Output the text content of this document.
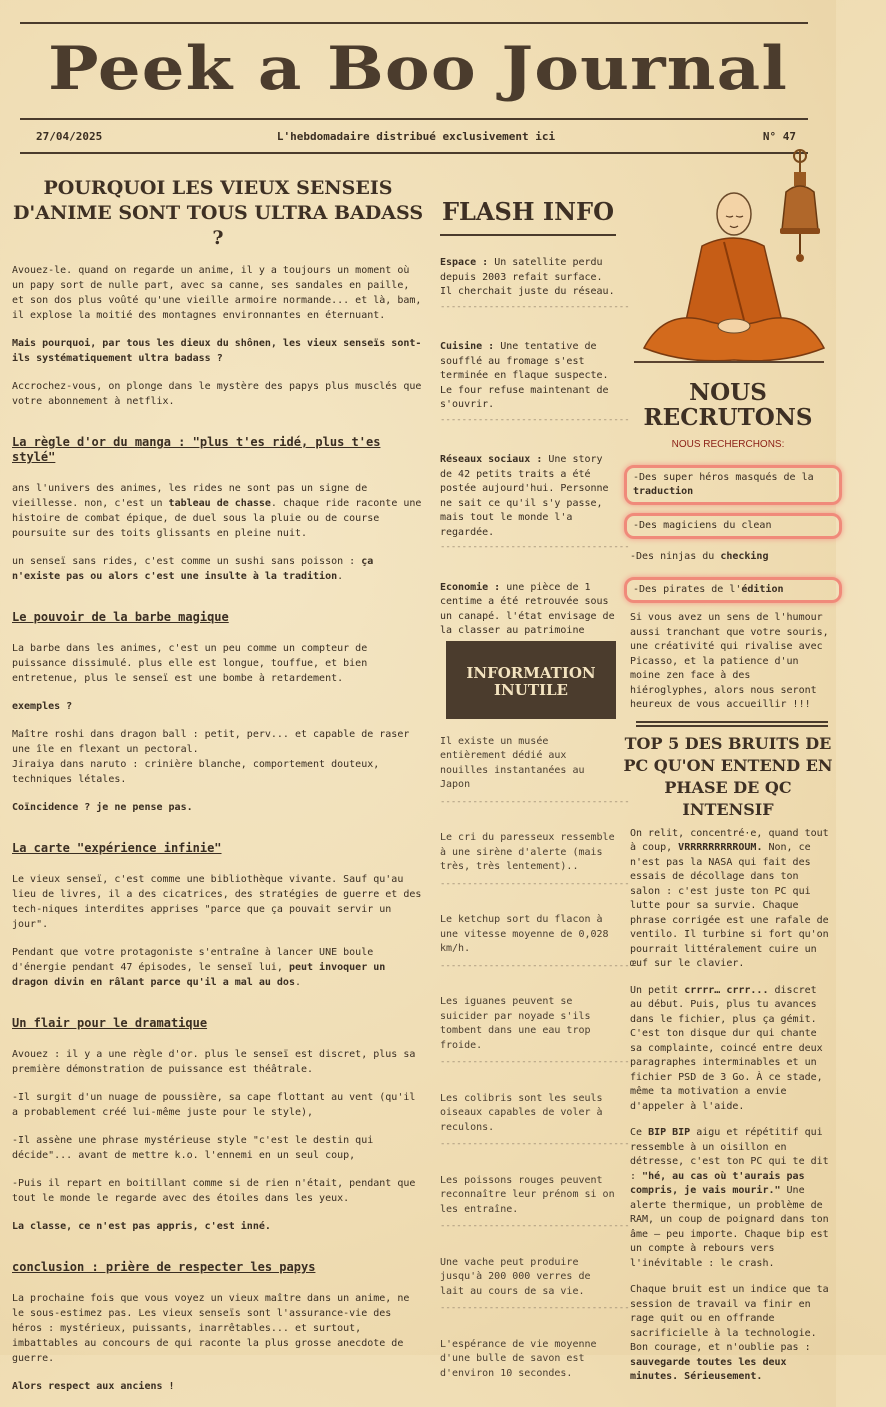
Peek a Boo Journal
27/04/2025	L'hebdomadaire distribué exclusivement ici	N° 47
POURQUOI LES VIEUX SENSEIS D'ANIME SONT TOUS ULTRA BADASS ?

Avouez-le. quand on regarde un anime, il y a toujours un moment où un papy sort de nulle part, avec sa canne, ses sandales en paille, et son dos plus voûté qu'une vieille armoire normande... et là, bam, il explose la moitié des montagnes environnantes en éternuant.

Mais pourquoi, par tous les dieux du shônen, les vieux senseïs sont-ils systématiquement ultra badass ?

Accrochez-vous, on plonge dans le mystère des papys plus musclés que votre abonnement à netflix.

La règle d'or du manga : "plus t'es ridé, plus t'es stylé"

ans l'univers des animes, les rides ne sont pas un signe de vieillesse. non, c'est un tableau de chasse. chaque ride raconte une histoire de combat épique, de duel sous la pluie ou de course poursuite sur des toits glissants en pleine nuit.

un senseï sans rides, c'est comme un sushi sans poisson : ça n'existe pas ou alors c'est une insulte à la tradition.

Le pouvoir de la barbe magique

La barbe dans les animes, c'est un peu comme un compteur de puissance dissimulé. plus elle est longue, touffue, et bien entretenue, plus le senseï est une bombe à retardement.

exemples ?

Maître roshi dans dragon ball : petit, perv... et capable de raser une île en flexant un pectoral.
Jiraiya dans naruto : crinière blanche, comportement douteux, techniques létales.

Coïncidence ? je ne pense pas.

La carte "expérience infinie"

Le vieux senseï, c'est comme une bibliothèque vivante. Sauf qu'au lieu de livres, il a des cicatrices, des stratégies de guerre et des tech-niques interdites apprises "parce que ça pouvait servir un jour".

Pendant que votre protagoniste s'entraîne à lancer UNE boule d'énergie pendant 47 épisodes, le senseï lui, peut invoquer un dragon divin en râlant parce qu'il a mal au dos.

Un flair pour le dramatique

Avouez : il y a une règle d'or. plus le senseï est discret, plus sa première démonstration de puissance est théâtrale.

-Il surgit d'un nuage de poussière, sa cape flottant au vent (qu'il a probablement créé lui-même juste pour le style),

-Il assène une phrase mystérieuse style "c'est le destin qui décide"... avant de mettre k.o. l'ennemi en un seul coup,

-Puis il repart en boitillant comme si de rien n'était, pendant que tout le monde le regarde avec des étoiles dans les yeux.

La classe, ce n'est pas appris, c'est inné.

conclusion : prière de respecter les papys

La prochaine fois que vous voyez un vieux maître dans un anime, ne le sous-estimez pas. Les vieux senseïs sont l'assurance-vie des héros : mystérieux, puissants, inarrêtables... et surtout, imbattables au concours de qui raconte la plus grosse anecdote de guerre.

Alors respect aux anciens !

FLASH INFO
Espace : Un satellite perdu depuis 2003 refait surface. Il cherchait juste du réseau.
-----------------------------------
Cuisine : Une tentative de soufflé au fromage s'est terminée en flaque suspecte. Le four refuse maintenant de s'ouvrir.
-----------------------------------
Réseaux sociaux : Une story de 42 petits traits a été postée aujourd'hui. Personne ne sait ce qu'il s'y passe, mais tout le monde l'a regardée.
-----------------------------------
Economie : une pièce de 1 centime a été retrouvée sous un canapé. l'état envisage de la classer au patrimoine
INFORMATION INUTILE
Il existe un musée entièrement dédié aux nouilles instantanées au Japon
-----------------------------------
Le cri du paresseux ressemble à une sirène d'alerte (mais très, très lentement)..
-----------------------------------
Le ketchup sort du flacon à une vitesse moyenne de 0,028 km/h.
-----------------------------------
Les iguanes peuvent se suicider par noyade s'ils tombent dans une eau trop froide.
-----------------------------------
Les colibris sont les seuls oiseaux capables de voler à reculons.
-----------------------------------
Les poissons rouges peuvent reconnaître leur prénom si on les entraîne.
-----------------------------------
Une vache peut produire jusqu'à 200 000 verres de lait au cours de sa vie.
-----------------------------------
L'espérance de vie moyenne d'une bulle de savon est d'environ 10 secondes.
NOUS RECRUTONS
NOUS RECHERCHONS:
-Des super héros masqués de la traduction
-Des magiciens du clean
-Des ninjas du checking
-Des pirates de l'édition
Si vous avez un sens de l'humour aussi tranchant que votre souris, une créativité qui rivalise avec Picasso, et la patience d'un moine zen face à des hiéroglyphes, alors nous seront heureux de vous accueillir !!!
TOP 5 DES BRUITS DE PC QU'ON ENTEND EN PHASE DE QC INTENSIF

On relit, concentré·e, quand tout à coup, VRRRRRRRRROUM. Non, ce n'est pas la NASA qui fait des essais de décollage dans ton salon : c'est juste ton PC qui lutte pour sa survie. Chaque phrase corrigée est une rafale de ventilo. Il turbine si fort qu'on pourrait littéralement cuire un œuf sur le clavier.

Un petit crrrr… crrr... discret au début. Puis, plus tu avances dans le fichier, plus ça gémit. C'est ton disque dur qui chante sa complainte, coincé entre deux paragraphes interminables et un fichier PSD de 3 Go. À ce stade, même ta motivation a envie d'appeler à l'aide.

Ce BIP BIP aigu et répétitif qui ressemble à un oisillon en détresse, c'est ton PC qui te dit : "hé, au cas où t'aurais pas compris, je vais mourir." Une alerte thermique, un problème de RAM, un coup de poignard dans ton âme — peu importe. Chaque bip est un compte à rebours vers l'inévitable : le crash.

Chaque bruit est un indice que ta session de travail va finir en rage quit ou en offrande sacrificielle à la technologie. Bon courage, et n'oublie pas : sauvegarde toutes les deux minutes. Sérieusement.
